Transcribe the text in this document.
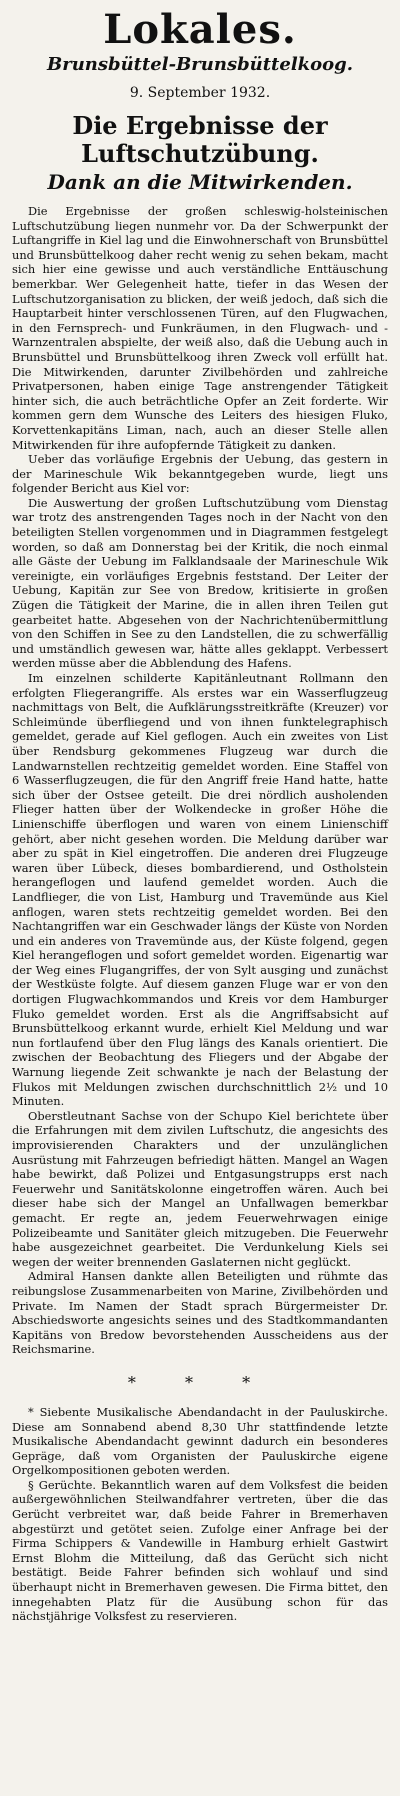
Lokales.
Brunsbüttel-Brunsbüttelkoog.
9. September 1932.
Die Ergebnisse der Luftschutzübung.
Dank an die Mitwirkenden.

Die Ergebnisse der großen schleswig-holsteinischen Luftschutzübung liegen nunmehr vor. Da der Schwerpunkt der Luftangriffe in Kiel lag und die Einwohnerschaft von Brunsbüttel und Brunsbüttelkoog daher recht wenig zu sehen bekam, macht sich hier eine gewisse und auch verständliche Enttäuschung bemerkbar. Wer Gelegenheit hatte, tiefer in das Wesen der Luftschutzorganisation zu blicken, der weiß jedoch, daß sich die Hauptarbeit hinter verschlossenen Türen, auf den Flugwachen, in den Fernsprech- und Funkräumen, in den Flugwach- und -Warnzentralen abspielte, der weiß also, daß die Uebung auch in Brunsbüttel und Brunsbüttelkoog ihren Zweck voll erfüllt hat. Die Mitwirkenden, darunter Zivilbehörden und zahlreiche Privatpersonen, haben einige Tage anstrengender Tätigkeit hinter sich, die auch beträchtliche Opfer an Zeit forderte. Wir kommen gern dem Wunsche des Leiters des hiesigen Fluko, Korvettenkapitäns Liman, nach, auch an dieser Stelle allen Mitwirkenden für ihre aufopfernde Tätigkeit zu danken.

Ueber das vorläufige Ergebnis der Uebung, das gestern in der Marineschule Wik bekanntgegeben wurde, liegt uns folgender Bericht aus Kiel vor:

Die Auswertung der großen Luftschutzübung vom Dienstag war trotz des anstrengenden Tages noch in der Nacht von den beteiligten Stellen vorgenommen und in Diagrammen festgelegt worden, so daß am Donnerstag bei der Kritik, die noch einmal alle Gäste der Uebung im Falklandsaale der Marineschule Wik vereinigte, ein vorläufiges Ergebnis feststand. Der Leiter der Uebung, Kapitän zur See von Bredow, kritisierte in großen Zügen die Tätigkeit der Marine, die in allen ihren Teilen gut gearbeitet hatte. Abgesehen von der Nachrichtenübermittlung von den Schiffen in See zu den Landstellen, die zu schwerfällig und umständlich gewesen war, hätte alles geklappt. Verbessert werden müsse aber die Abblendung des Hafens.

Im einzelnen schilderte Kapitänleutnant Rollmann den erfolgten Fliegerangriffe. Als erstes war ein Wasserflugzeug nachmittags von Belt, die Aufklärungsstreitkräfte (Kreuzer) vor Schleimünde überfliegend und von ihnen funktelegraphisch gemeldet, gerade auf Kiel geflogen. Auch ein zweites von List über Rendsburg gekommenes Flugzeug war durch die Landwarnstellen rechtzeitig gemeldet worden. Eine Staffel von 6 Wasserflugzeugen, die für den Angriff freie Hand hatte, hatte sich über der Ostsee geteilt. Die drei nördlich ausholenden Flieger hatten über der Wolkendecke in großer Höhe die Linienschiffe überflogen und waren von einem Linienschiff gehört, aber nicht gesehen worden. Die Meldung darüber war aber zu spät in Kiel eingetroffen. Die anderen drei Flugzeuge waren über Lübeck, dieses bombardierend, und Ostholstein herangeflogen und laufend gemeldet worden. Auch die Landflieger, die von List, Hamburg und Travemünde aus Kiel anflogen, waren stets rechtzeitig gemeldet worden. Bei den Nachtangriffen war ein Geschwader längs der Küste von Norden und ein anderes von Travemünde aus, der Küste folgend, gegen Kiel herangeflogen und sofort gemeldet worden. Eigenartig war der Weg eines Flugangriffes, der von Sylt ausging und zunächst der Westküste folgte. Auf diesem ganzen Fluge war er von den dortigen Flugwachkommandos und Kreis vor dem Hamburger Fluko gemeldet worden. Erst als die Angriffsabsicht auf Brunsbüttelkoog erkannt wurde, erhielt Kiel Meldung und war nun fortlaufend über den Flug längs des Kanals orientiert. Die zwischen der Beobachtung des Fliegers und der Abgabe der Warnung liegende Zeit schwankte je nach der Belastung der Flukos mit Meldungen zwischen durchschnittlich 2½ und 10 Minuten.

Oberstleutnant Sachse von der Schupo Kiel berichtete über die Erfahrungen mit dem zivilen Luftschutz, die angesichts des improvisierenden Charakters und der unzulänglichen Ausrüstung mit Fahrzeugen befriedigt hätten. Mangel an Wagen habe bewirkt, daß Polizei und Entgasungstrupps erst nach Feuerwehr und Sanitätskolonne eingetroffen wären. Auch bei dieser habe sich der Mangel an Unfallwagen bemerkbar gemacht. Er regte an, jedem Feuerwehrwagen einige Polizeibeamte und Sanitäter gleich mitzugeben. Die Feuerwehr habe ausgezeichnet gearbeitet. Die Verdunkelung Kiels sei wegen der weiter brennenden Gaslaternen nicht geglückt.

Admiral Hansen dankte allen Beteiligten und rühmte das reibungslose Zusammenarbeiten von Marine, Zivilbehörden und Private. Im Namen der Stadt sprach Bürgermeister Dr. Abschiedsworte angesichts seines und des Stadtkommandanten Kapitäns von Bredow bevorstehenden Ausscheidens aus der Reichsmarine.

* * *

* Siebente Musikalische Abendandacht in der Pauluskirche. Diese am Sonnabend abend 8,30 Uhr stattfindende letzte Musikalische Abendandacht gewinnt dadurch ein besonderes Gepräge, daß vom Organisten der Pauluskirche eigene Orgelkompositionen geboten werden.

§ Gerüchte. Bekanntlich waren auf dem Volksfest die beiden außergewöhnlichen Steilwandfahrer vertreten, über die das Gerücht verbreitet war, daß beide Fahrer in Bremerhaven abgestürzt und getötet seien. Zufolge einer Anfrage bei der Firma Schippers & Vandewille in Hamburg erhielt Gastwirt Ernst Blohm die Mitteilung, daß das Gerücht sich nicht bestätigt. Beide Fahrer befinden sich wohlauf und sind überhaupt nicht in Bremerhaven gewesen. Die Firma bittet, den innegehabten Platz für die Ausübung schon für das nächstjährige Volksfest zu reservieren.
